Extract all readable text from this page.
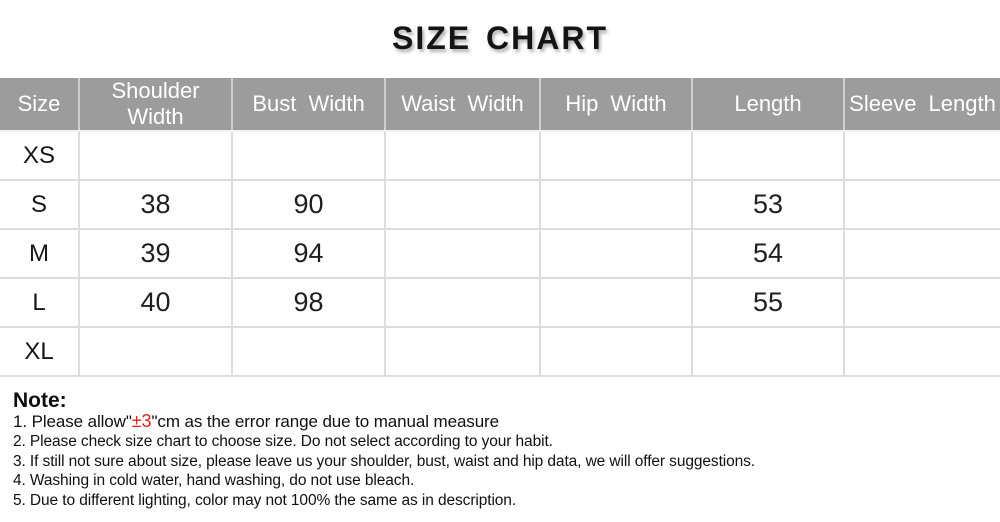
SIZE CHART
Size	Shoulder Width	Bust Width	Waist Width	Hip Width	Length	Sleeve Length
XS						
S	38	90			53	
M	39	94			54	
L	40	98			55	
XL						
Note:
1. Please allow"±3"cm as the error range due to manual measure
2. Please check size chart to choose size. Do not select according to your habit.
3. If still not sure about size, please leave us your shoulder, bust, waist and hip data, we will offer suggestions.
4. Washing in cold water, hand washing, do not use bleach.
5. Due to different lighting, color may not 100% the same as in description.
